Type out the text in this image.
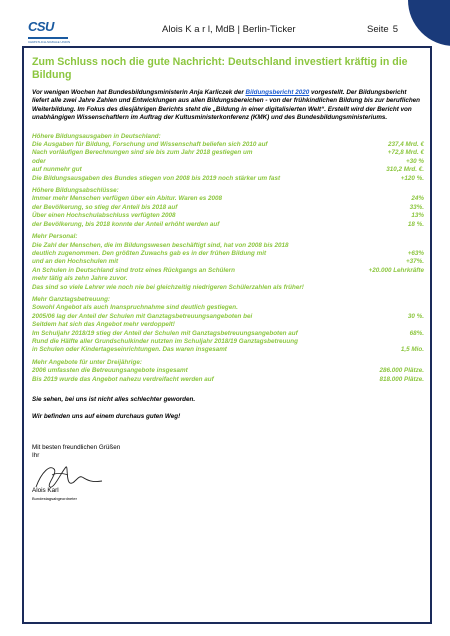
CSU
CHRISTLICH-SOZIALE UNION
Alois K a r l, MdB | Berlin-Ticker	Seite 5
Zum Schluss noch die gute Nachricht: Deutschland investiert kräftig in die Bildung
Vor wenigen Wochen hat Bundesbildungsministerin Anja Karliczek der Bildungsbericht 2020 vorgestellt. Der Bildungsbericht liefert alle zwei Jahre Zahlen und Entwicklungen aus allen Bildungsbereichen - von der frühkindlichen Bildung bis zur beruflichen Weiterbildung. Im Fokus des diesjährigen Berichts steht die „Bildung in einer digitalisierten Welt“. Erstellt wird der Bericht von unabhängigen Wissenschaftlern im Auftrag der Kultusministerkonferenz (KMK) und des Bundesbildungsministeriums.
Höhere Bildungsausgaben in Deutschland:
Die Ausgaben für Bildung, Forschung und Wissenschaft beliefen sich 2010 auf	237,4 Mrd. €
Nach vorläufigen Berechnungen sind sie bis zum Jahr 2018 gestiegen um	+72,8 Mrd. €
oder	+30 %
auf nunmehr gut	310,2 Mrd. €.
Die Bildungsausgaben des Bundes stiegen von 2008 bis 2019 noch stärker um fast	+120 %.
Höhere Bildungsabschlüsse:
Immer mehr Menschen verfügen über ein Abitur. Waren es 2008	24%
der Bevölkerung, so stieg der Anteil bis 2018 auf	33%.
Über einen Hochschulabschluss verfügten 2008	13%
der Bevölkerung, bis 2018 konnte der Anteil erhöht werden auf	18 %.
Mehr Personal:
Die Zahl der Menschen, die im Bildungswesen beschäftigt sind, hat von 2008 bis 2018
deutlich zugenommen. Den größten Zuwachs gab es in der frühen Bildung mit	+63%
und an den Hochschulen mit	+37%.
An Schulen in Deutschland sind trotz eines Rückgangs an Schülern	+20.000 Lehrkräfte
mehr tätig als zehn Jahre zuvor.
Das sind so viele Lehrer wie noch nie bei gleichzeitig niedrigeren Schülerzahlen als früher!
Mehr Ganztagsbetreuung:
Sowohl Angebot als auch Inanspruchnahme sind deutlich gestiegen.
2005/06 lag der Anteil der Schulen mit Ganztagsbetreuungsangeboten bei	30 %.
Seitdem hat sich das Angebot mehr verdoppelt!
Im Schuljahr 2018/19 stieg der Anteil der Schulen mit Ganztagsbetreuungsangeboten auf	68%.
Rund die Hälfte aller Grundschulkinder nutzten im Schuljahr 2018/19 Ganztagsbetreuung
in Schulen oder Kindertageseinrichtungen. Das waren insgesamt	1,5 Mio.
Mehr Angebote für unter Dreijährige:
2006 umfassten die Betreuungsangebote insgesamt	286.000 Plätze.
Bis 2019 wurde das Angebot nahezu verdreifacht werden auf	818.000 Plätze.

Sie sehen, bei uns ist nicht alles schlechter geworden.

Wir befinden uns auf einem durchaus guten Weg!

Mit besten freundlichen Grüßen
Ihr
Alois Karl
Bundestagsabgeordneter
